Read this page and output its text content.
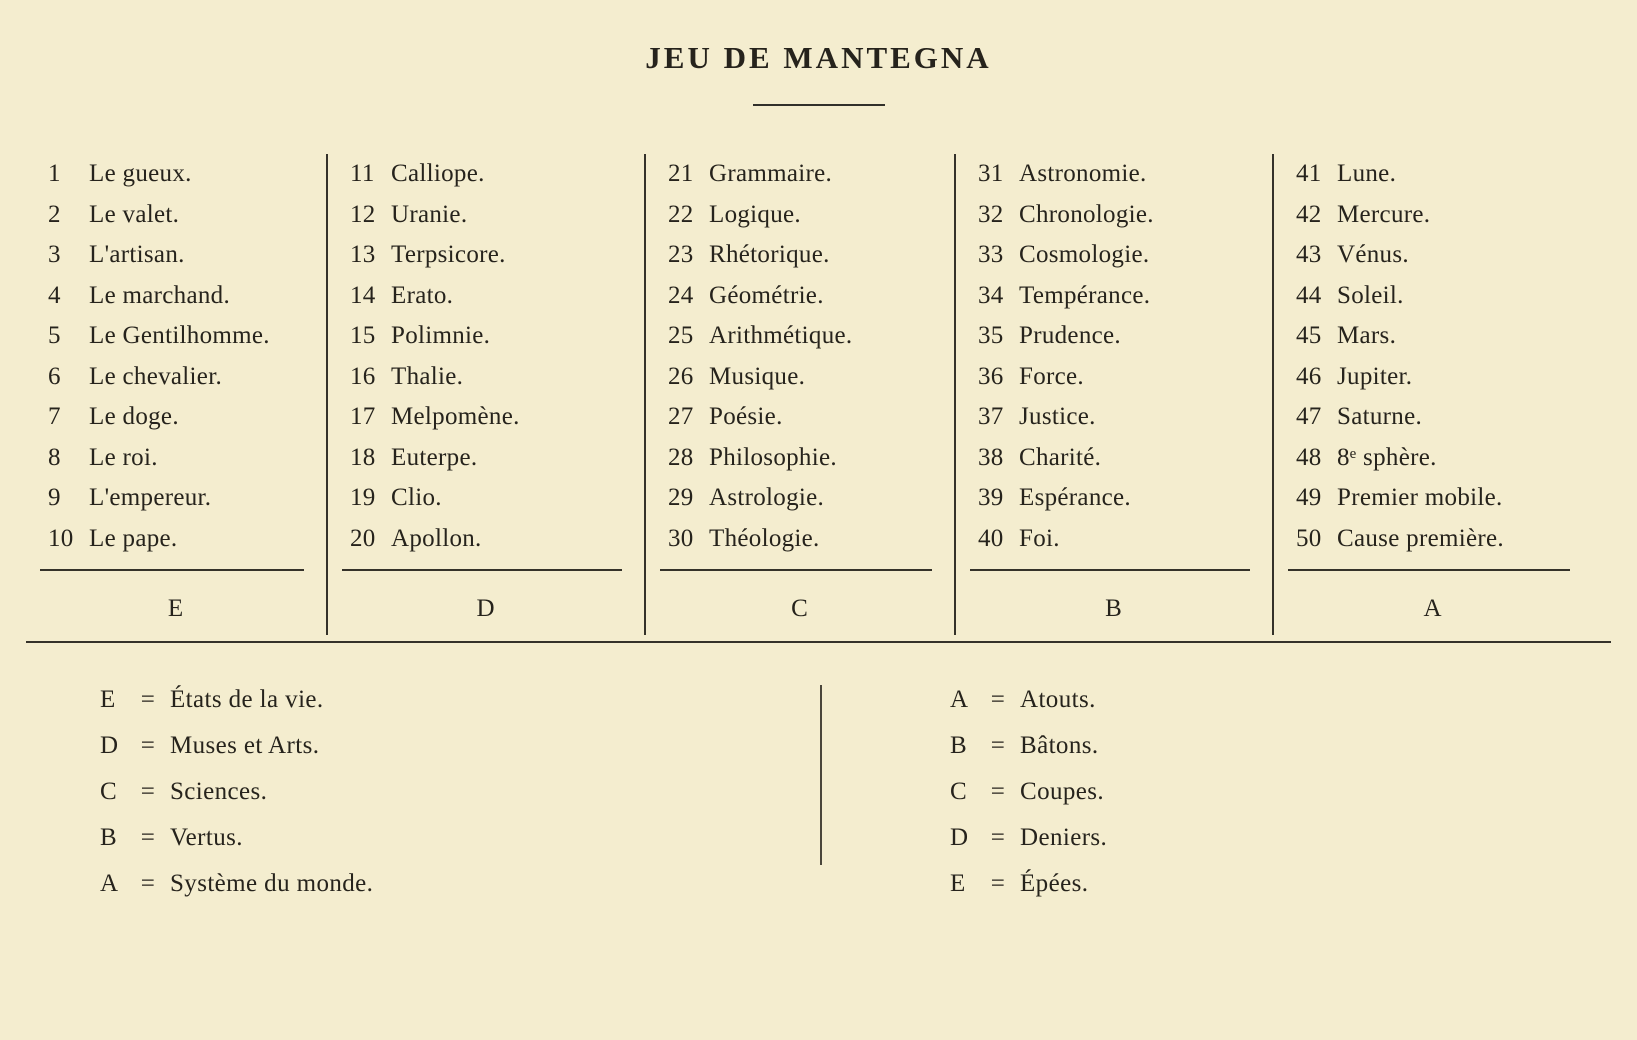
JEU DE MANTEGNA
1 Le gueux.
2 Le valet.
3 L'artisan.
4 Le marchand.
5 Le Gentilhomme.
6 Le chevalier.
7 Le doge.
8 Le roi.
9 L'empereur.
10 Le pape.
E
11 Calliope.
12 Uranie.
13 Terpsicore.
14 Erato.
15 Polimnie.
16 Thalie.
17 Melpomène.
18 Euterpe.
19 Clio.
20 Apollon.
D
21 Grammaire.
22 Logique.
23 Rhétorique.
24 Géométrie.
25 Arithmétique.
26 Musique.
27 Poésie.
28 Philosophie.
29 Astrologie.
30 Théologie.
C
31 Astronomie.
32 Chronologie.
33 Cosmologie.
34 Tempérance.
35 Prudence.
36 Force.
37 Justice.
38 Charité.
39 Espérance.
40 Foi.
B
41 Lune.
42 Mercure.
43 Vénus.
44 Soleil.
45 Mars.
46 Jupiter.
47 Saturne.
48 8ᵉ sphère.
49 Premier mobile.
50 Cause première.
A
E = États de la vie.
D = Muses et Arts.
C = Sciences.
B = Vertus.
A = Système du monde.
A = Atouts.
B = Bâtons.
C = Coupes.
D = Deniers.
E = Épées.
